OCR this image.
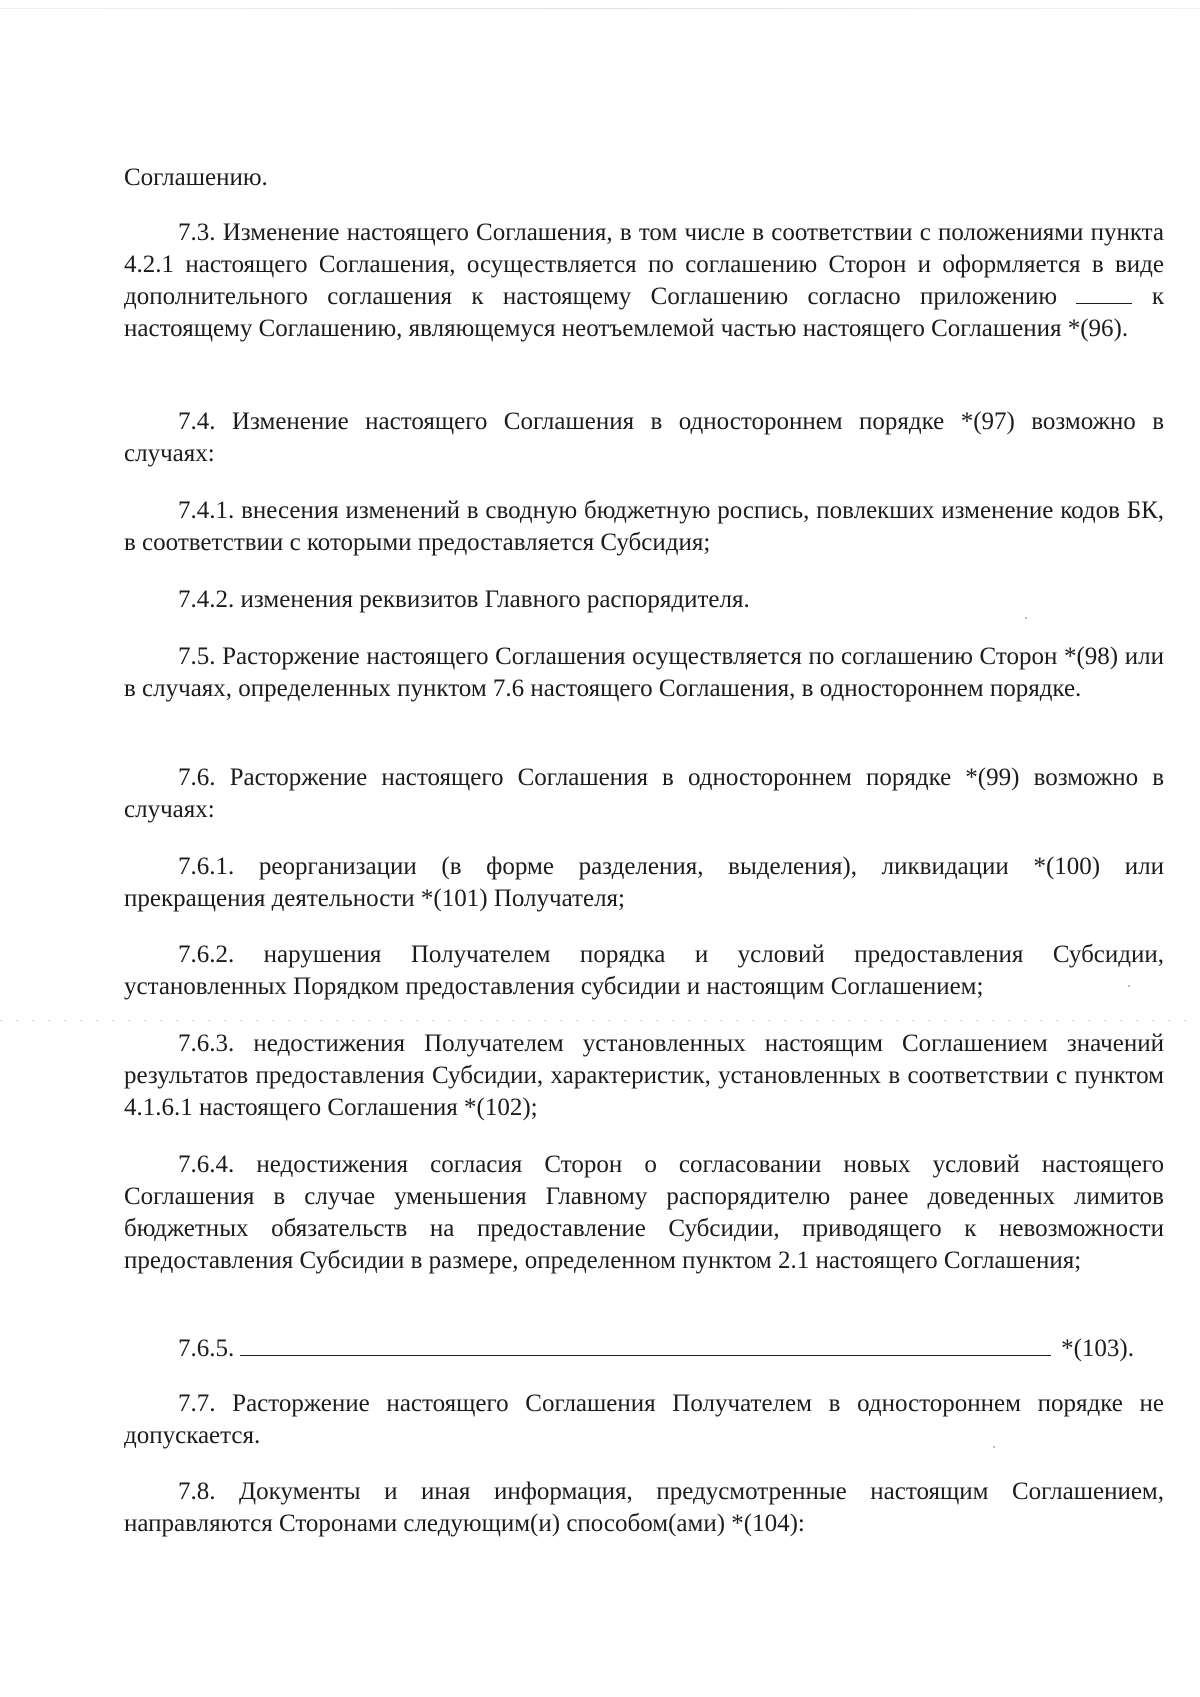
Соглашению.

7.3. Изменение настоящего Соглашения, в том числе в соответствии с положениями пункта 4.2.1 настоящего Соглашения, осуществляется по соглашению Сторон и оформляется в виде дополнительного соглашения к настоящему Соглашению согласно приложению  к настоящему Соглашению, являющемуся неотъемлемой частью настоящего Соглашения *(96).

7.4. Изменение настоящего Соглашения в одностороннем порядке *(97) возможно в случаях:

7.4.1. внесения изменений в сводную бюджетную роспись, повлекших изменение кодов БК, в соответствии с которыми предоставляется Субсидия;

7.4.2. изменения реквизитов Главного распорядителя.

7.5. Расторжение настоящего Соглашения осуществляется по соглашению Сторон *(98) или в случаях, определенных пунктом 7.6 настоящего Соглашения, в одностороннем порядке.

7.6. Расторжение настоящего Соглашения в одностороннем порядке *(99) возможно в случаях:

7.6.1. реорганизации (в форме разделения, выделения), ликвидации *(100) или прекращения деятельности *(101) Получателя;

7.6.2. нарушения Получателем порядка и условий предоставления Субсидии, установленных Порядком предоставления субсидии и настоящим Соглашением;

7.6.3. недостижения Получателем установленных настоящим Соглашением значений результатов предоставления Субсидии, характеристик, установленных в соответствии с пунктом 4.1.6.1 настоящего Соглашения *(102);

7.6.4. недостижения согласия Сторон о согласовании новых условий настоящего Соглашения в случае уменьшения Главному распорядителю ранее доведенных лимитов бюджетных обязательств на предоставление Субсидии, приводящего к невозможности предоставления Субсидии в размере, определенном пунктом 2.1 настоящего Соглашения;

7.6.5.	*(103).

7.7. Расторжение настоящего Соглашения Получателем в одностороннем порядке не допускается.

7.8. Документы и иная информация, предусмотренные настоящим Соглашением, направляются Сторонами следующим(и) способом(ами) *(104):
